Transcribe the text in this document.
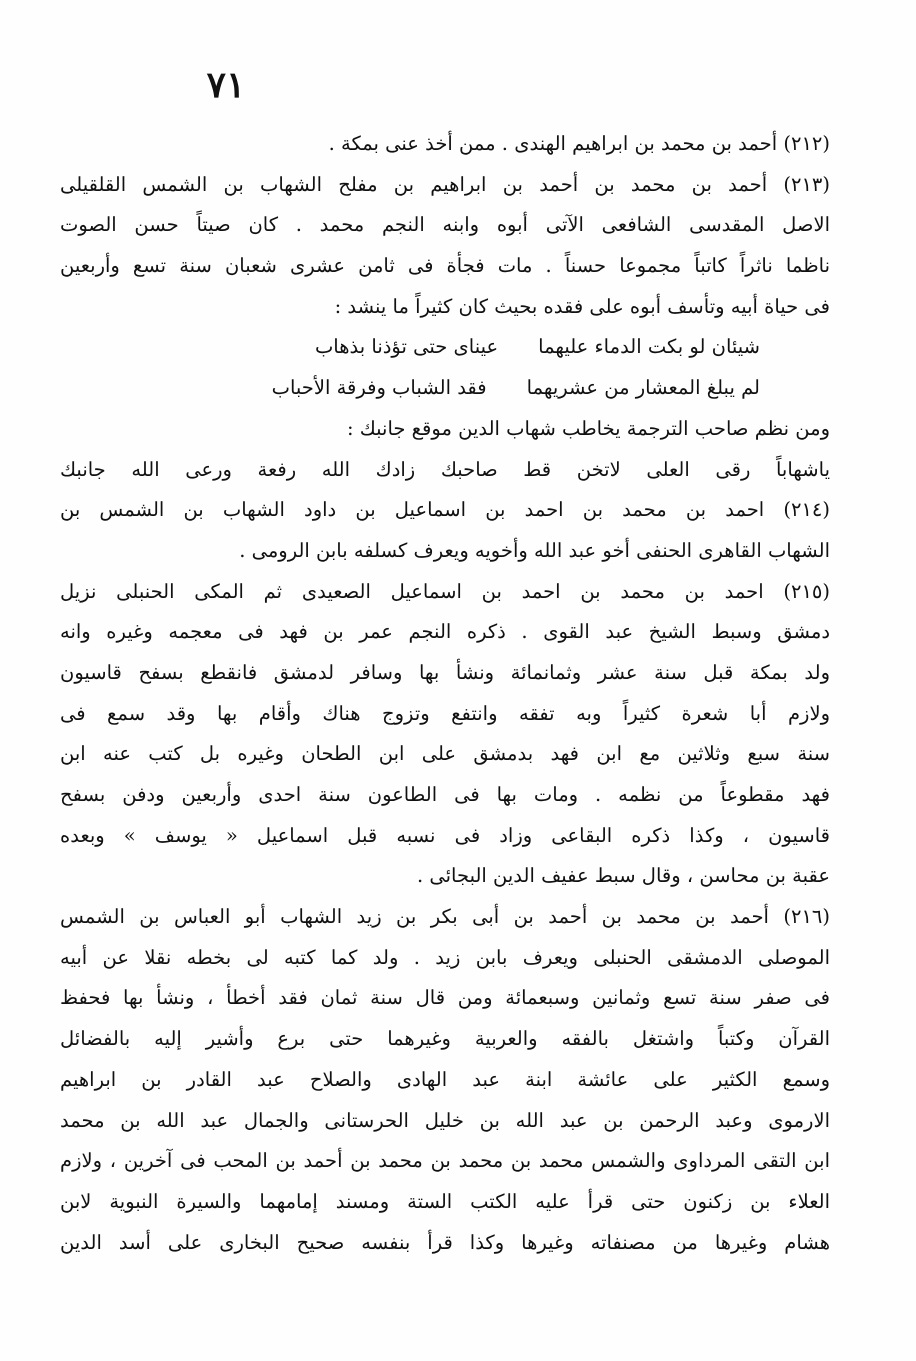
٧١
(٢١٢) أحمد بن محمد بن ابراهيم الهندى . ممن أخذ عنى بمكة .
(٢١٣) أحمد بن محمد بن أحمد بن ابراهيم بن مفلح الشهاب بن الشمس القلقيلى
الاصل المقدسى الشافعى الآتى أبوه وابنه النجم محمد . كان صيتاً حسن الصوت
ناظما ناثراً كاتباً مجموعا حسناً . مات فجأة فى ثامن عشرى شعبان سنة تسع وأربعين
فى حياة أبيه وتأسف أبوه على فقده بحيث كان كثيراً ما ينشد :
شيئان لو بكت الدماء عليهما
عيناى حتى تؤذنا بذهاب
لم يبلغ المعشار من عشريهما
فقد الشباب وفرقة الأحباب
ومن نظم صاحب الترجمة يخاطب شهاب الدين موقع جانبك :
ياشهاباً رقى العلى لاتخن قط صاحبك زادك الله رفعة ورعى الله جانبك
(٢١٤) احمد بن محمد بن احمد بن اسماعيل بن داود الشهاب بن الشمس بن
الشهاب القاهرى الحنفى أخو عبد الله وأخويه ويعرف كسلفه بابن الرومى .
(٢١٥) احمد بن محمد بن احمد بن اسماعيل الصعيدى ثم المكى الحنبلى نزيل
دمشق وسبط الشيخ عبد القوى . ذكره النجم عمر بن فهد فى معجمه وغيره وانه
ولد بمكة قبل سنة عشر وثمانمائة ونشأ بها وسافر لدمشق فانقطع بسفح قاسيون
ولازم أبا شعرة كثيراً وبه تفقه وانتفع وتزوج هناك وأقام بها وقد سمع فى
سنة سبع وثلاثين مع ابن فهد بدمشق على ابن الطحان وغيره بل كتب عنه ابن
فهد مقطوعاً من نظمه . ومات بها فى الطاعون سنة احدى وأربعين ودفن بسفح
قاسيون ، وكذا ذكره البقاعى وزاد فى نسبه قبل اسماعيل « يوسف » وبعده
عقبة بن محاسن ، وقال سبط عفيف الدين البجائى .
(٢١٦) أحمد بن محمد بن أحمد بن أبى بكر بن زيد الشهاب أبو العباس بن الشمس
الموصلى الدمشقى الحنبلى ويعرف بابن زيد . ولد كما كتبه لى بخطه نقلا عن أبيه
فى صفر سنة تسع وثمانين وسبعمائة ومن قال سنة ثمان فقد أخطأ ، ونشأ بها فحفظ
القرآن وكتباً واشتغل بالفقه والعربية وغيرهما حتى برع وأشير إليه بالفضائل
وسمع الكثير على عائشة ابنة عبد الهادى والصلاح عبد القادر بن ابراهيم
الارموى وعبد الرحمن بن عبد الله بن خليل الحرستانى والجمال عبد الله بن محمد
ابن التقى المرداوى والشمس محمد بن محمد بن محمد بن أحمد بن المحب فى آخرين ، ولازم
العلاء بن زكنون حتى قرأ عليه الكتب الستة ومسند إمامهما والسيرة النبوية لابن
هشام وغيرها من مصنفاته وغيرها وكذا قرأ بنفسه صحيح البخارى على أسد الدين
